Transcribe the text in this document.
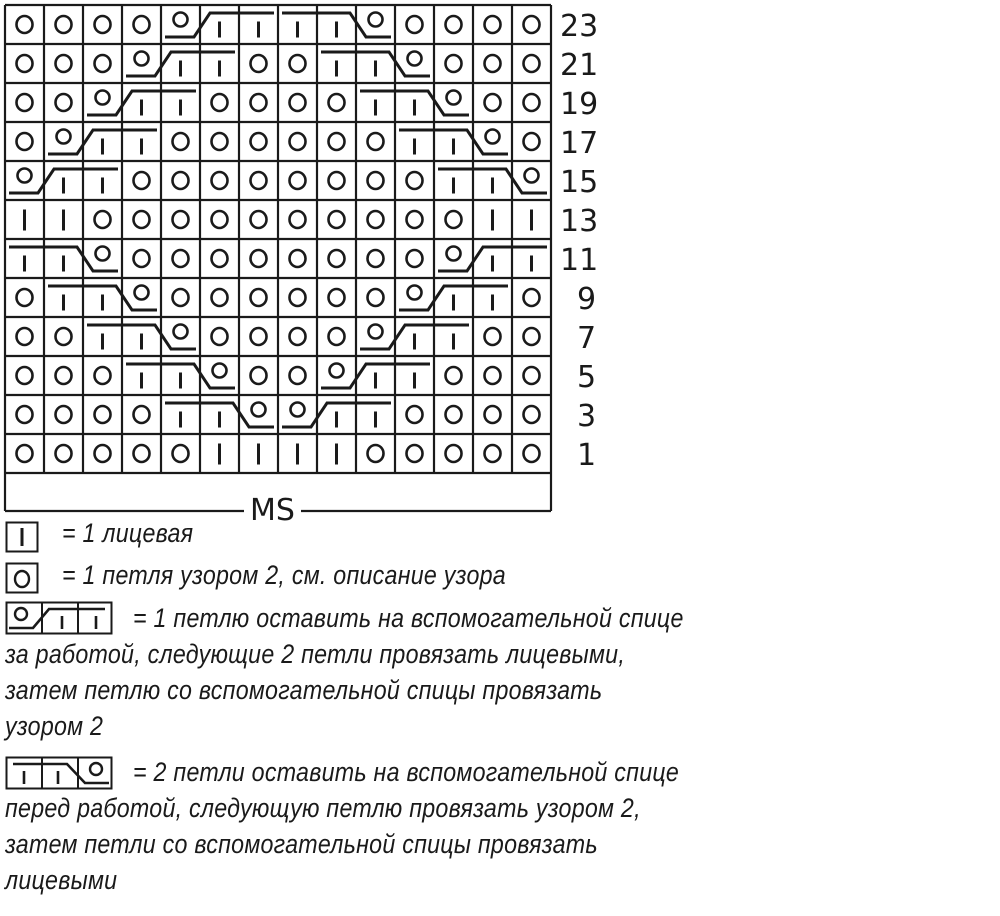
23
21
19
17
15
13
11
9
7
5
3
1
MS
= 1 лицевая
= 1 петля узором 2, см. описание узора
= 1 петлю оставить на вспомогательной спице
за работой, следующие 2 петли провязать лицевыми,
затем петлю со вспомогательной спицы провязать
узором 2
= 2 петли оставить на вспомогательной спице
перед работой, следующую петлю провязать узором 2,
затем петли со вспомогательной спицы провязать
лицевыми
